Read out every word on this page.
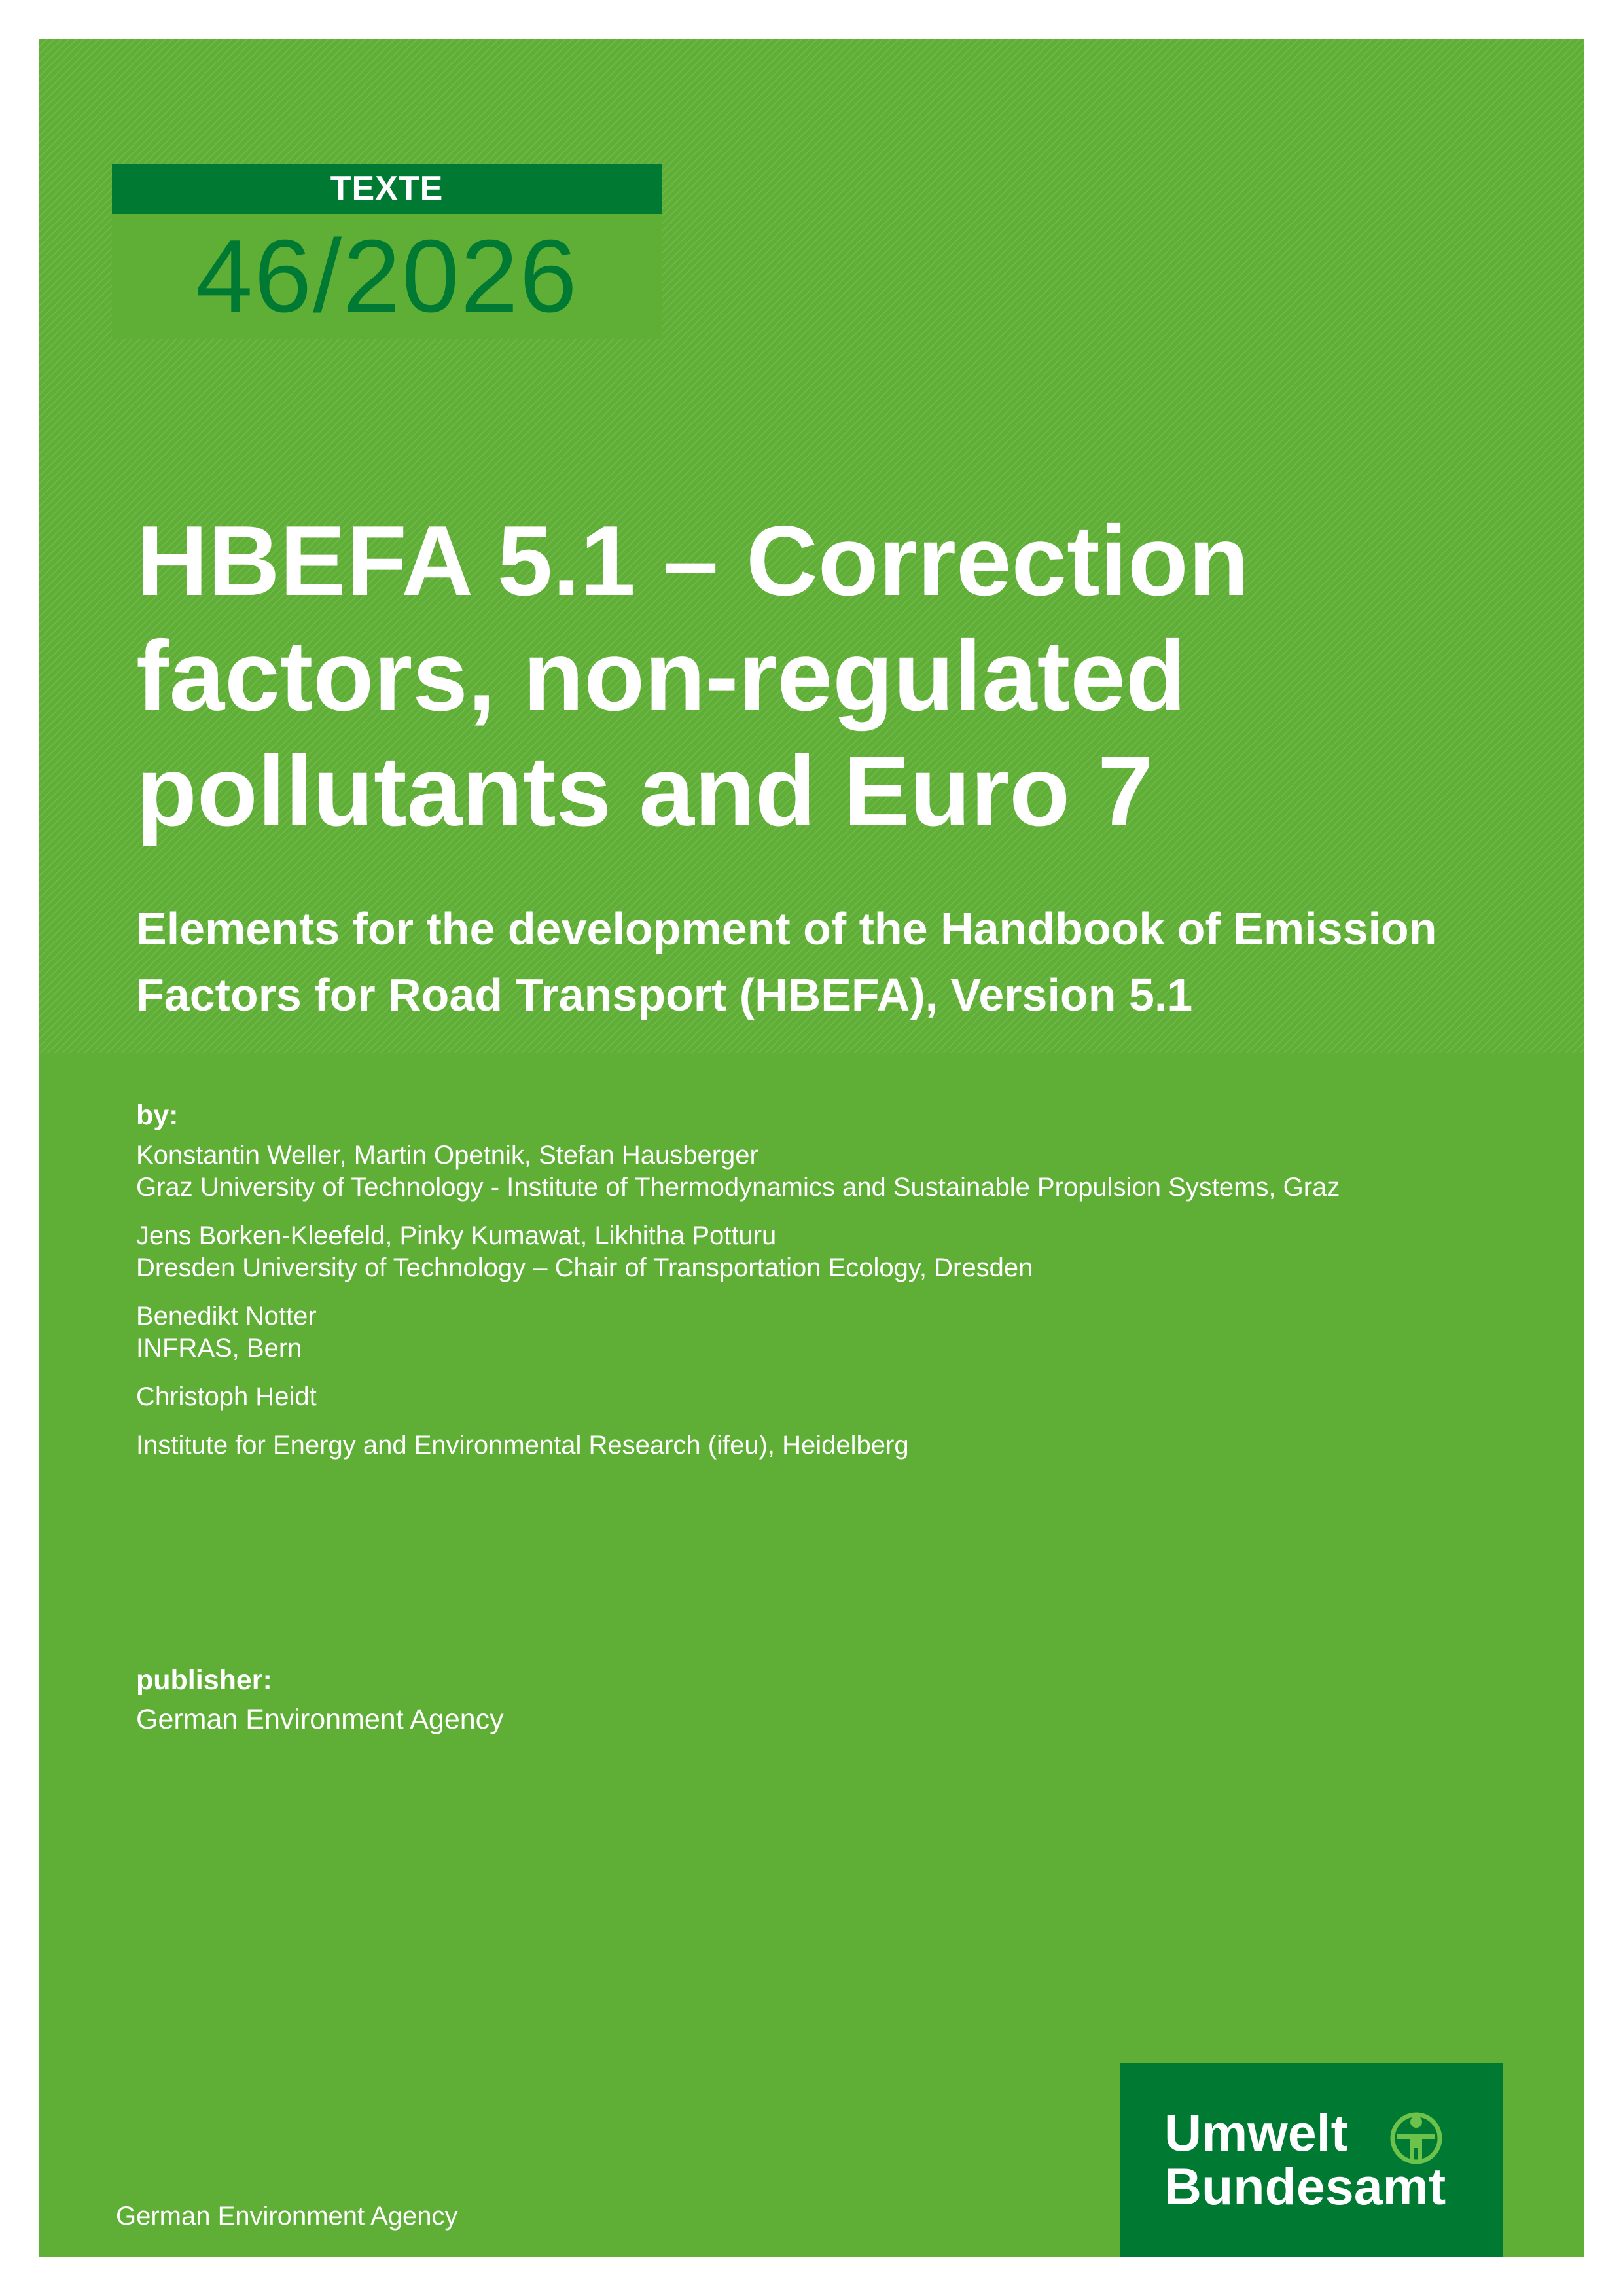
TEXTE
46/2026
HBEFA 5.1 – Correction
factors, non-regulated
pollutants and Euro 7

Elements for the development of the Handbook of Emission Factors for Road Transport (HBEFA), Version 5.1

by:
Konstantin Weller, Martin Opetnik, Stefan Hausberger
Graz University of Technology - Institute of Thermodynamics and Sustainable Propulsion Systems, Graz
Jens Borken-Kleefeld, Pinky Kumawat, Likhitha Potturu
Dresden University of Technology – Chair of Transportation Ecology, Dresden
Benedikt Notter
INFRAS, Bern
Christoph Heidt
Institute for Energy and Environmental Research (ifeu), Heidelberg
publisher:
German Environment Agency
German Environment Agency
Umwelt
Bundesamt
